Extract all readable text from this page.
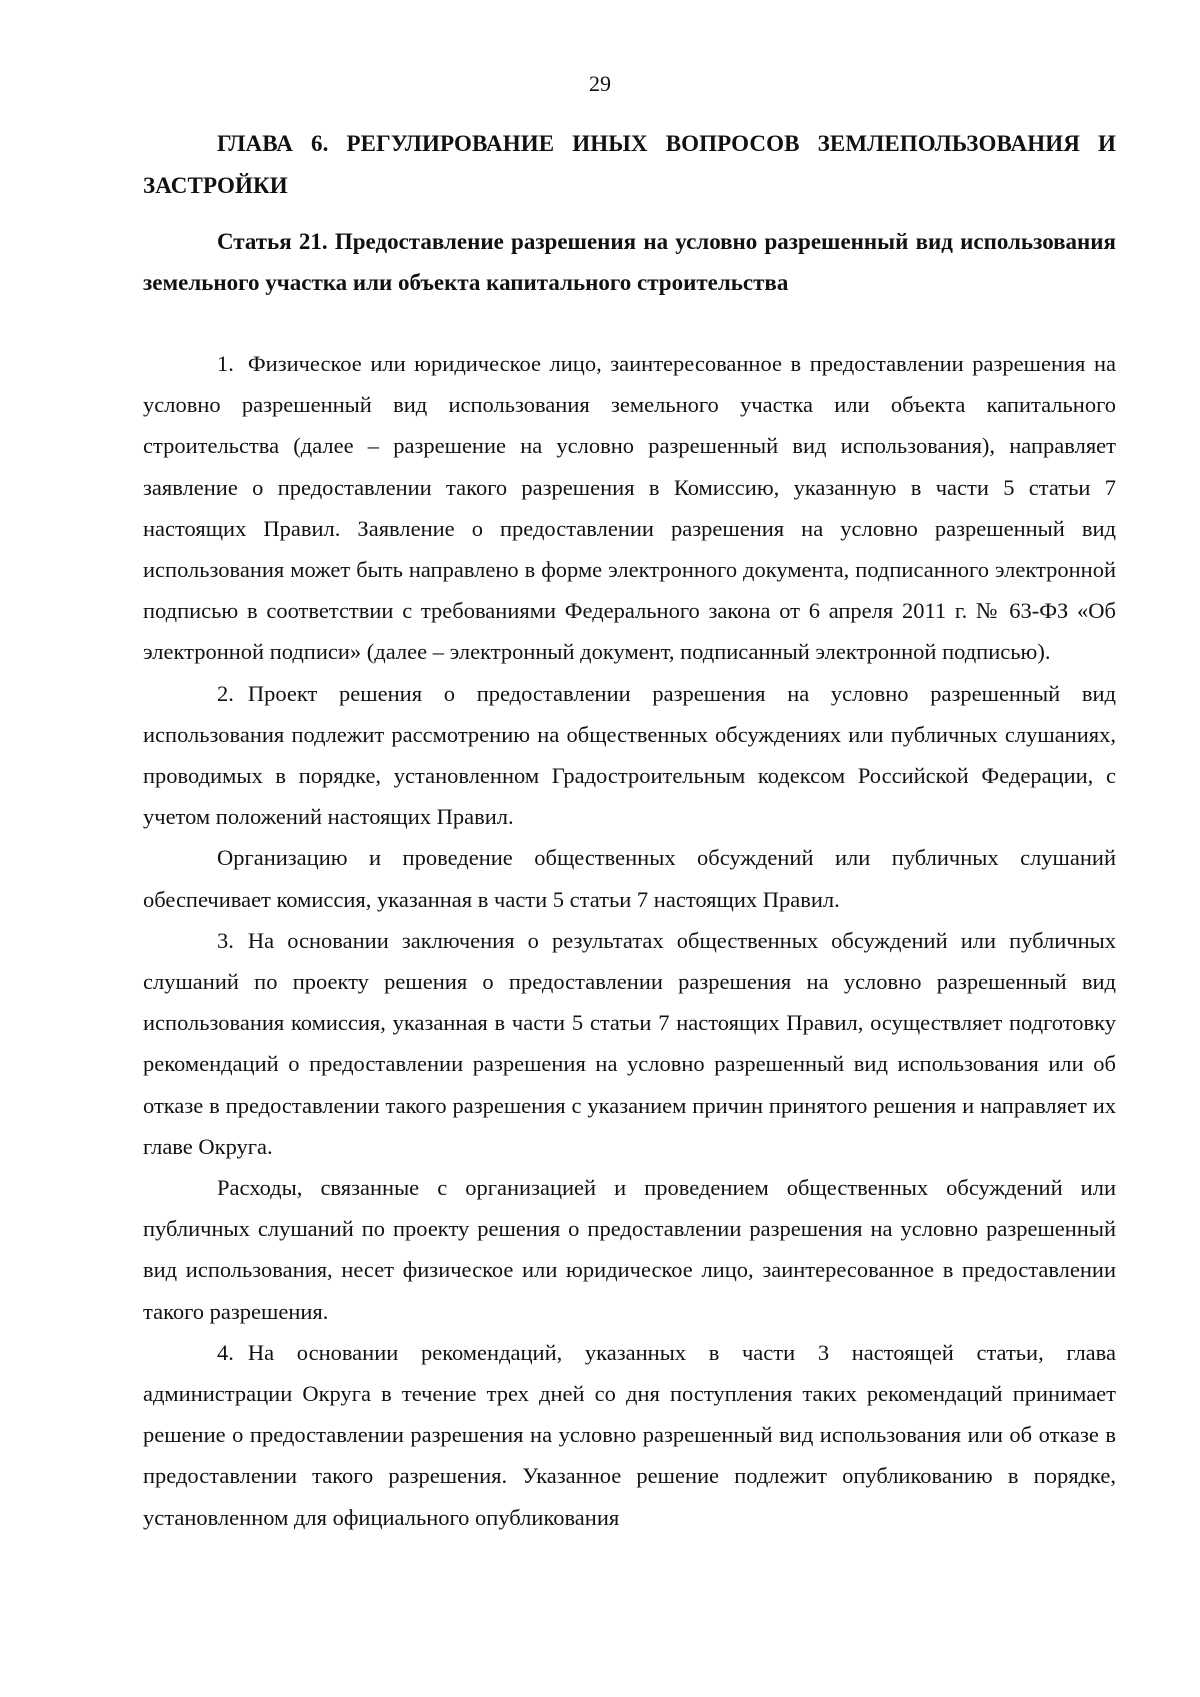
29

ГЛАВА 6. РЕГУЛИРОВАНИЕ ИНЫХ ВОПРОСОВ ЗЕМЛЕПОЛЬЗОВАНИЯ И ЗАСТРОЙКИ

Статья 21. Предоставление разрешения на условно разрешенный вид использования земельного участка или объекта капитального строительства

1. Физическое или юридическое лицо, заинтересованное в предоставлении разрешения на условно разрешенный вид использования земельного участка или объекта капитального строительства (далее – разрешение на условно разрешенный вид использования), направляет заявление о предоставлении такого разрешения в Комиссию, указанную в части 5 статьи 7 настоящих Правил. Заявление о предоставлении разрешения на условно разрешенный вид использования может быть направлено в форме электронного документа, подписанного электронной подписью в соответствии с требованиями Федерального закона от 6 апреля 2011 г. № 63-ФЗ «Об электронной подписи» (далее – электронный документ, подписанный электронной подписью).

2. Проект решения о предоставлении разрешения на условно разрешенный вид использования подлежит рассмотрению на общественных обсуждениях или публичных слушаниях, проводимых в порядке, установленном Градостроительным кодексом Российской Федерации, с учетом положений настоящих Правил.

Организацию и проведение общественных обсуждений или публичных слушаний обеспечивает комиссия, указанная в части 5 статьи 7 настоящих Правил.

3. На основании заключения о результатах общественных обсуждений или публичных слушаний по проекту решения о предоставлении разрешения на условно разрешенный вид использования комиссия, указанная в части 5 статьи 7 настоящих Правил, осуществляет подготовку рекомендаций о предоставлении разрешения на условно разрешенный вид использования или об отказе в предоставлении такого разрешения с указанием причин принятого решения и направляет их главе Округа.

Расходы, связанные с организацией и проведением общественных обсуждений или публичных слушаний по проекту решения о предоставлении разрешения на условно разрешенный вид использования, несет физическое или юридическое лицо, заинтересованное в предоставлении такого разрешения.

4. На основании рекомендаций, указанных в части 3 настоящей статьи, глава администрации Округа в течение трех дней со дня поступления таких рекомендаций принимает решение о предоставлении разрешения на условно разрешенный вид использования или об отказе в предоставлении такого разрешения. Указанное решение подлежит опубликованию в порядке, установленном для официального опубликования
